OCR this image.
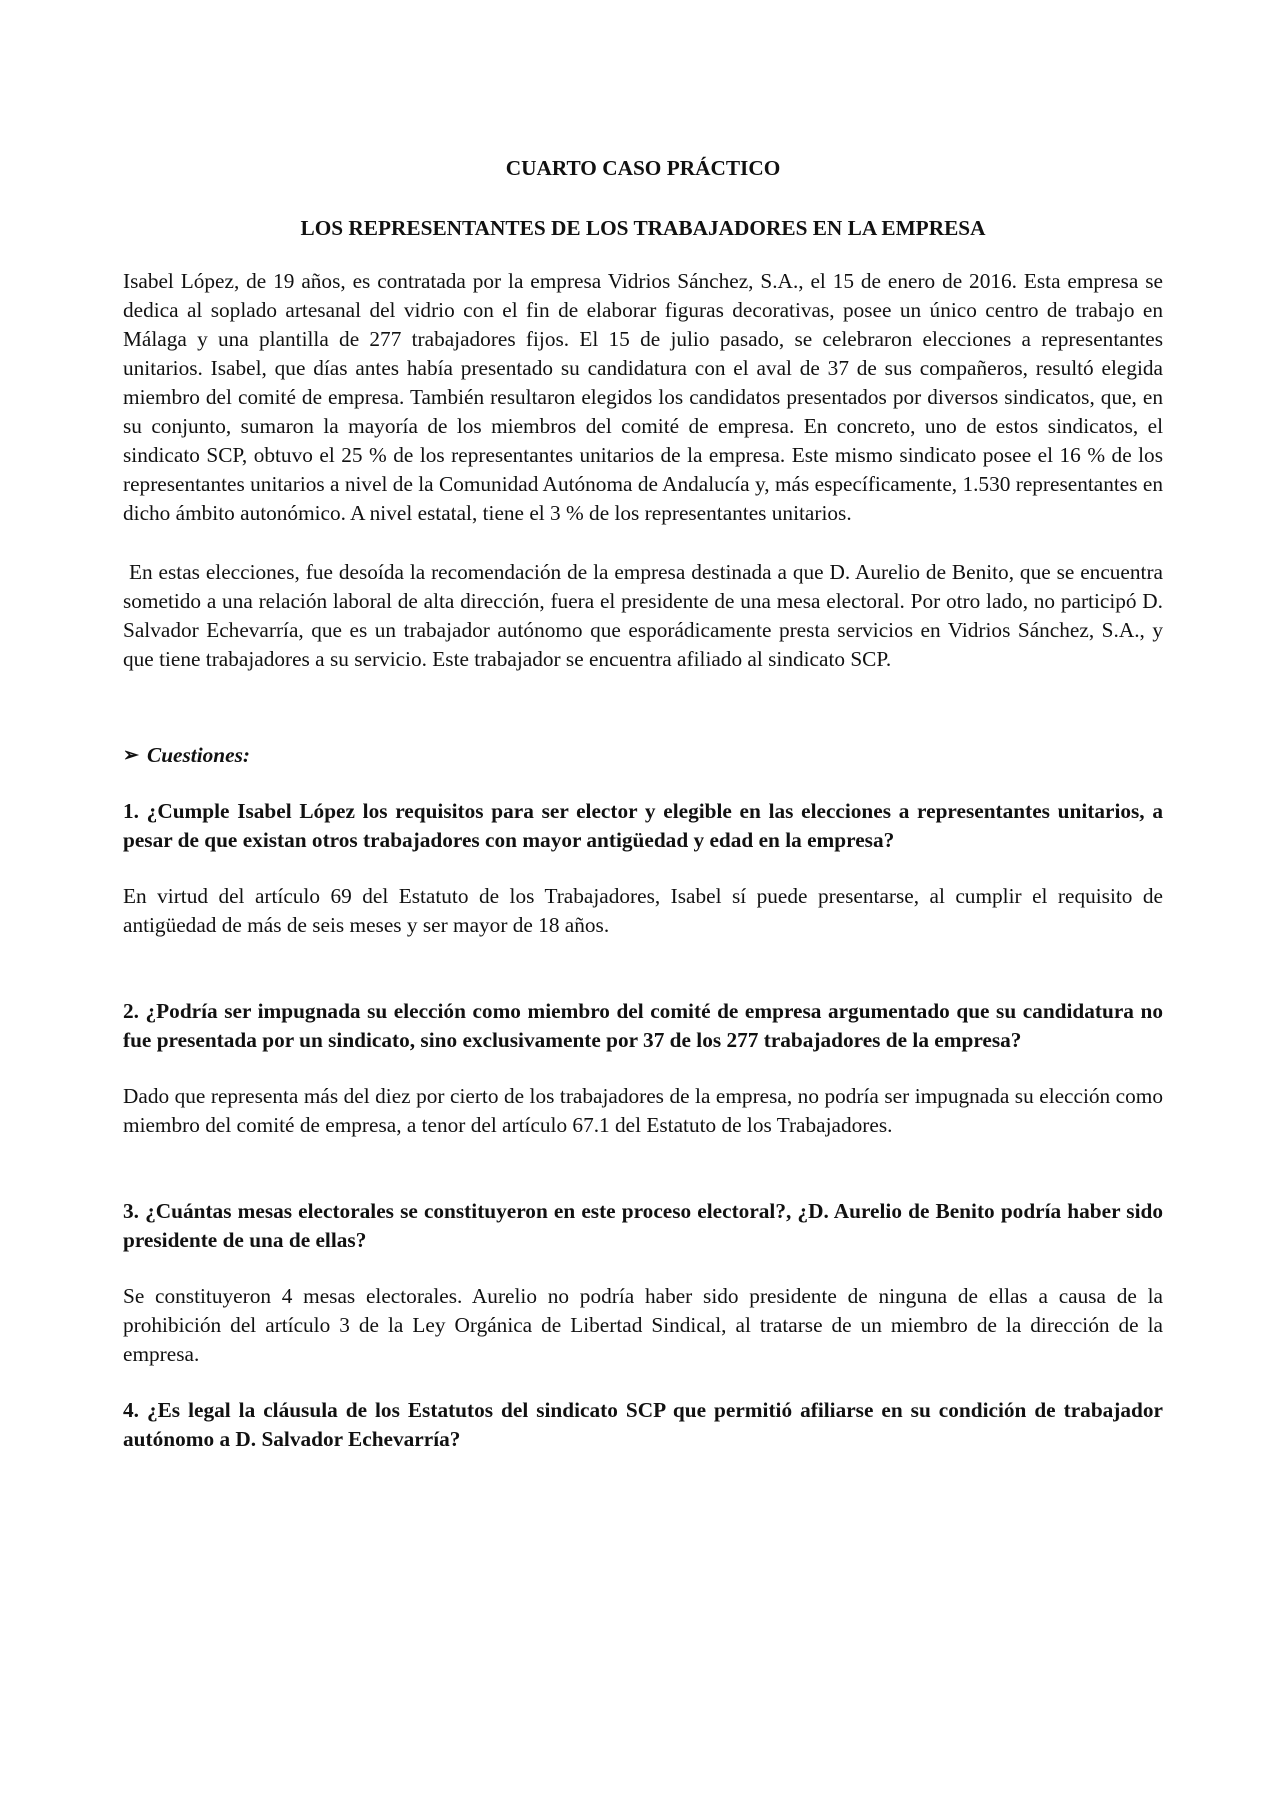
CUARTO CASO PRÁCTICO
LOS REPRESENTANTES DE LOS TRABAJADORES EN LA EMPRESA

Isabel López, de 19 años, es contratada por la empresa Vidrios Sánchez, S.A., el 15 de enero de 2016. Esta empresa se dedica al soplado artesanal del vidrio con el fin de elaborar figuras decorativas, posee un único centro de trabajo en Málaga y una plantilla de 277 trabajadores fijos. El 15 de julio pasado, se celebraron elecciones a representantes unitarios. Isabel, que días antes había presentado su candidatura con el aval de 37 de sus compañeros, resultó elegida miembro del comité de empresa. También resultaron elegidos los candidatos presentados por diversos sindicatos, que, en su conjunto, sumaron la mayoría de los miembros del comité de empresa. En concreto, uno de estos sindicatos, el sindicato SCP, obtuvo el 25 % de los representantes unitarios de la empresa. Este mismo sindicato posee el 16 % de los representantes unitarios a nivel de la Comunidad Autónoma de Andalucía y, más específicamente, 1.530 representantes en dicho ámbito autonómico. A nivel estatal, tiene el 3 % de los representantes unitarios.

En estas elecciones, fue desoída la recomendación de la empresa destinada a que D. Aurelio de Benito, que se encuentra sometido a una relación laboral de alta dirección, fuera el presidente de una mesa electoral. Por otro lado, no participó D. Salvador Echevarría, que es un trabajador autónomo que esporádicamente presta servicios en Vidrios Sánchez, S.A., y que tiene trabajadores a su servicio. Este trabajador se encuentra afiliado al sindicato SCP.

➢ Cuestiones:

1. ¿Cumple Isabel López los requisitos para ser elector y elegible en las elecciones a representantes unitarios, a pesar de que existan otros trabajadores con mayor antigüedad y edad en la empresa?

En virtud del artículo 69 del Estatuto de los Trabajadores, Isabel sí puede presentarse, al cumplir el requisito de antigüedad de más de seis meses y ser mayor de 18 años.

2. ¿Podría ser impugnada su elección como miembro del comité de empresa argumentado que su candidatura no fue presentada por un sindicato, sino exclusivamente por 37 de los 277 trabajadores de la empresa?

Dado que representa más del diez por cierto de los trabajadores de la empresa, no podría ser impugnada su elección como miembro del comité de empresa, a tenor del artículo 67.1 del Estatuto de los Trabajadores.

3. ¿Cuántas mesas electorales se constituyeron en este proceso electoral?, ¿D. Aurelio de Benito podría haber sido presidente de una de ellas?

Se constituyeron 4 mesas electorales. Aurelio no podría haber sido presidente de ninguna de ellas a causa de la prohibición del artículo 3 de la Ley Orgánica de Libertad Sindical, al tratarse de un miembro de la dirección de la empresa.

4. ¿Es legal la cláusula de los Estatutos del sindicato SCP que permitió afiliarse en su condición de trabajador autónomo a D. Salvador Echevarría?
